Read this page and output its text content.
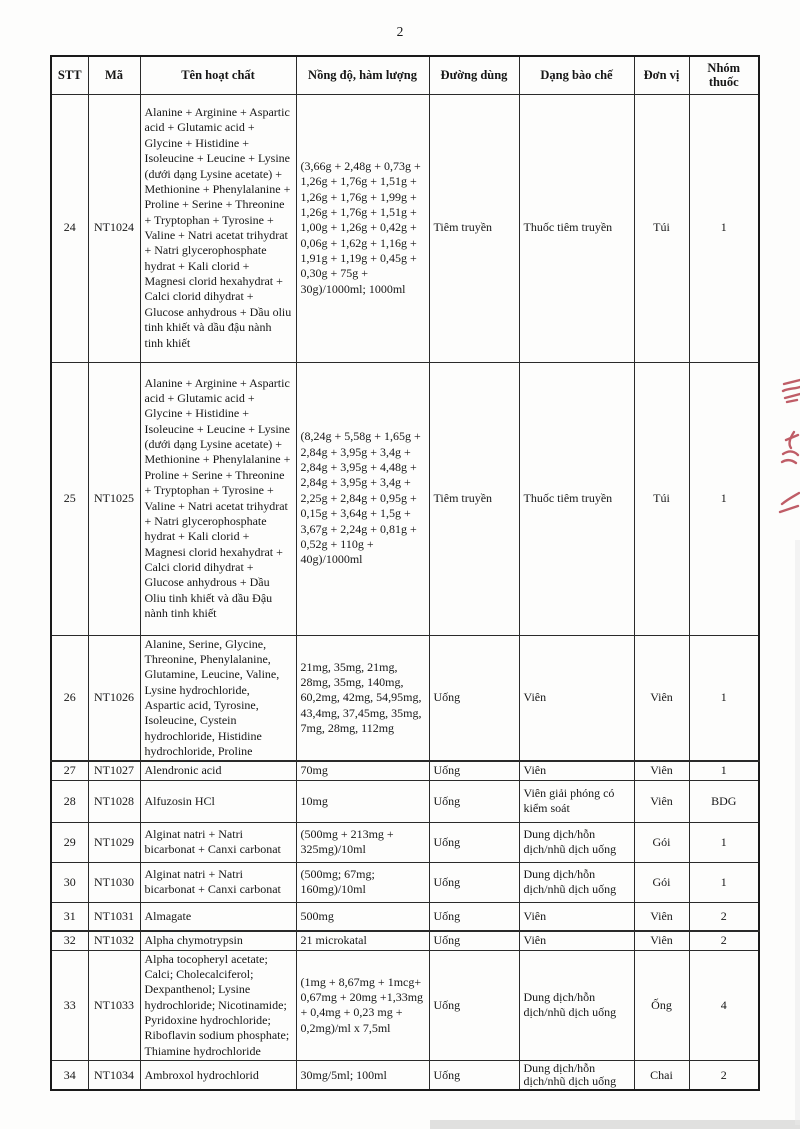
2
STT	Mã	Tên hoạt chất	Nồng độ, hàm lượng	Đường dùng	Dạng bào chế	Đơn vị	Nhóm thuốc
24	NT1024	Alanine + Arginine + Aspartic acid + Glutamic acid + Glycine + Histidine + Isoleucine + Leucine + Lysine (dưới dạng Lysine acetate) + Methionine + Phenylalanine + Proline + Serine + Threonine + Tryptophan + Tyrosine + Valine + Natri acetat trihydrat + Natri glycerophosphate hydrat + Kali clorid + Magnesi clorid hexahydrat + Calci clorid dihydrat + Glucose anhydrous + Dầu oliu tinh khiết và dầu đậu nành tinh khiết	(3,66g + 2,48g + 0,73g + 1,26g + 1,76g + 1,51g + 1,26g + 1,76g + 1,99g + 1,26g + 1,76g + 1,51g + 1,00g + 1,26g + 0,42g + 0,06g + 1,62g + 1,16g + 1,91g + 1,19g + 0,45g + 0,30g + 75g + 30g)/1000ml; 1000ml	Tiêm truyền	Thuốc tiêm truyền	Túi	1
25	NT1025	Alanine + Arginine + Aspartic acid + Glutamic acid + Glycine + Histidine + Isoleucine + Leucine + Lysine (dưới dạng Lysine acetate) + Methionine + Phenylalanine + Proline + Serine + Threonine + Tryptophan + Tyrosine + Valine + Natri acetat trihydrat + Natri glycerophosphate hydrat + Kali clorid + Magnesi clorid hexahydrat + Calci clorid dihydrat + Glucose anhydrous + Dầu Oliu tinh khiết và dầu Đậu nành tinh khiết	(8,24g + 5,58g + 1,65g + 2,84g + 3,95g + 3,4g + 2,84g + 3,95g + 4,48g + 2,84g + 3,95g + 3,4g + 2,25g + 2,84g + 0,95g + 0,15g + 3,64g + 1,5g + 3,67g + 2,24g + 0,81g + 0,52g + 110g + 40g)/1000ml	Tiêm truyền	Thuốc tiêm truyền	Túi	1
26	NT1026	Alanine, Serine, Glycine, Threonine, Phenylalanine, Glutamine, Leucine, Valine, Lysine hydrochloride, Aspartic acid, Tyrosine, Isoleucine, Cystein hydrochloride, Histidine hydrochloride, Proline	21mg, 35mg, 21mg, 28mg, 35mg, 140mg, 60,2mg, 42mg, 54,95mg, 43,4mg, 37,45mg, 35mg, 7mg, 28mg, 112mg	Uống	Viên	Viên	1
27	NT1027	Alendronic acid	70mg	Uống	Viên	Viên	1
28	NT1028	Alfuzosin HCl	10mg	Uống	Viên giải phóng có kiểm soát	Viên	BDG
29	NT1029	Alginat natri + Natri bicarbonat + Canxi carbonat	(500mg + 213mg + 325mg)/10ml	Uống	Dung dịch/hỗn dịch/nhũ dịch uống	Gói	1
30	NT1030	Alginat natri + Natri bicarbonat + Canxi carbonat	(500mg; 67mg; 160mg)/10ml	Uống	Dung dịch/hỗn dịch/nhũ dịch uống	Gói	1
31	NT1031	Almagate	500mg	Uống	Viên	Viên	2
32	NT1032	Alpha chymotrypsin	21 microkatal	Uống	Viên	Viên	2
33	NT1033	Alpha tocopheryl acetate; Calci; Cholecalciferol; Dexpanthenol; Lysine hydrochloride; Nicotinamide; Pyridoxine hydrochloride; Riboflavin sodium phosphate; Thiamine hydrochloride	(1mg + 8,67mg + 1mcg+ 0,67mg + 20mg +1,33mg + 0,4mg + 0,23 mg + 0,2mg)/ml x 7,5ml	Uống	Dung dịch/hỗn dịch/nhũ dịch uống	Ống	4
34	NT1034	Ambroxol hydrochlorid	30mg/5ml; 100ml	Uống	Dung dịch/hỗn dịch/nhũ dịch uống	Chai	2
